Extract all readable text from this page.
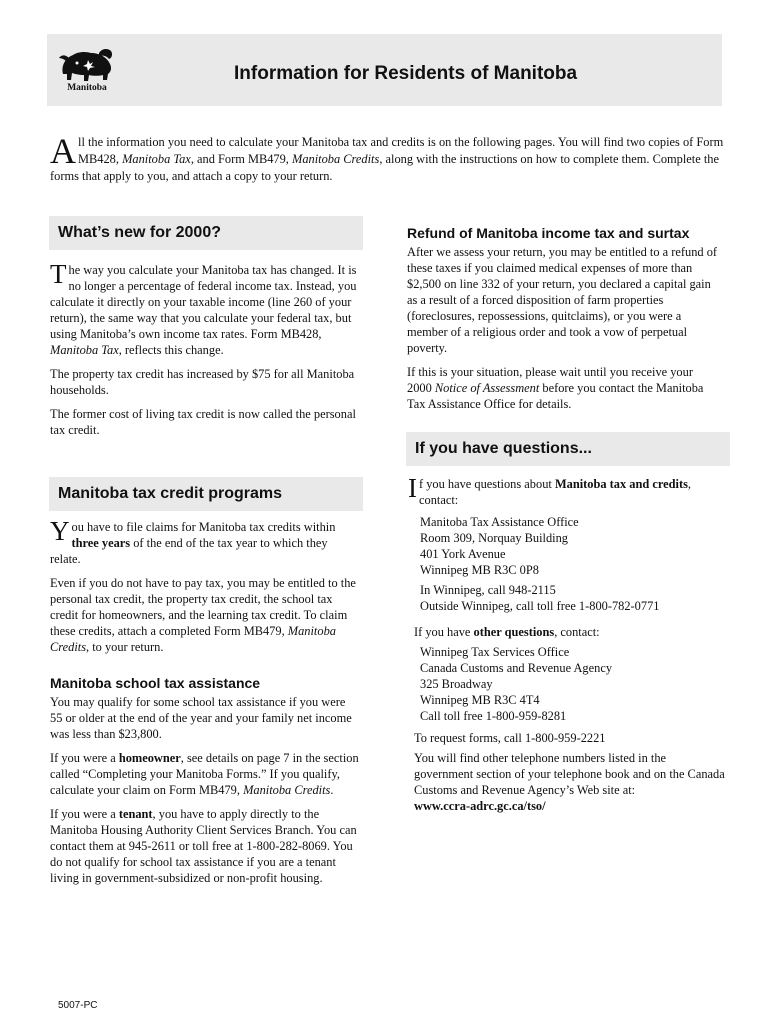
Manitoba
Information for Residents of Manitoba
A ll the information you need to calculate your Manitoba tax and credits is on the following pages. You will find two copies of Form MB428, Manitoba Tax, and Form MB479, Manitoba Credits, along with the instructions on how to complete them. Complete the forms that apply to you, and attach a copy to your return.

What’s new for 2000?

The way you calculate your Manitoba tax has changed. It is no longer a percentage of federal income tax. Instead, you calculate it directly on your taxable income (line 260 of your return), the same way that you calculate your federal tax, but using Manitoba’s own income tax rates. Form MB428, Manitoba Tax, reflects this change.

The property tax credit has increased by $75 for all Manitoba households.

The former cost of living tax credit is now called the personal tax credit.

Manitoba tax credit programs

You have to file claims for Manitoba tax credits within three years of the end of the tax year to which they relate.

Even if you do not have to pay tax, you may be entitled to the personal tax credit, the property tax credit, the school tax credit for homeowners, and the learning tax credit. To claim these credits, attach a completed Form MB479, Manitoba Credits, to your return.

Manitoba school tax assistance

You may qualify for some school tax assistance if you were 55 or older at the end of the year and your family net income was less than $23,800.

If you were a homeowner, see details on page 7 in the section called “Completing your Manitoba Forms.” If you qualify, calculate your claim on Form MB479, Manitoba Credits.

If you were a tenant, you have to apply directly to the Manitoba Housing Authority Client Services Branch. You can contact them at 945-2611 or toll free at 1-800-282-8069. You do not qualify for school tax assistance if you are a tenant living in government-subsidized or non-profit housing.

Refund of Manitoba income tax and surtax

After we assess your return, you may be entitled to a refund of these taxes if you claimed medical expenses of more than $2,500 on line 332 of your return, you declared a capital gain as a result of a forced disposition of farm properties (foreclosures, repossessions, quitclaims), or you were a member of a religious order and took a vow of perpetual poverty.

If this is your situation, please wait until you receive your 2000 Notice of Assessment before you contact the Manitoba Tax Assistance Office for details.

If you have questions...

If you have questions about Manitoba tax and credits, contact:

Manitoba Tax Assistance Office
Room 309, Norquay Building
401 York Avenue
Winnipeg MB R3C 0P8
In Winnipeg, call 948-2115
Outside Winnipeg, call toll free 1-800-782-0771

If you have other questions, contact:

Winnipeg Tax Services Office
Canada Customs and Revenue Agency
325 Broadway
Winnipeg MB R3C 4T4
Call toll free 1-800-959-8281

To request forms, call 1-800-959-2221

You will find other telephone numbers listed in the government section of your telephone book and on the Canada Customs and Revenue Agency’s Web site at:

www.ccra-adrc.gc.ca/tso/

5007-PC
